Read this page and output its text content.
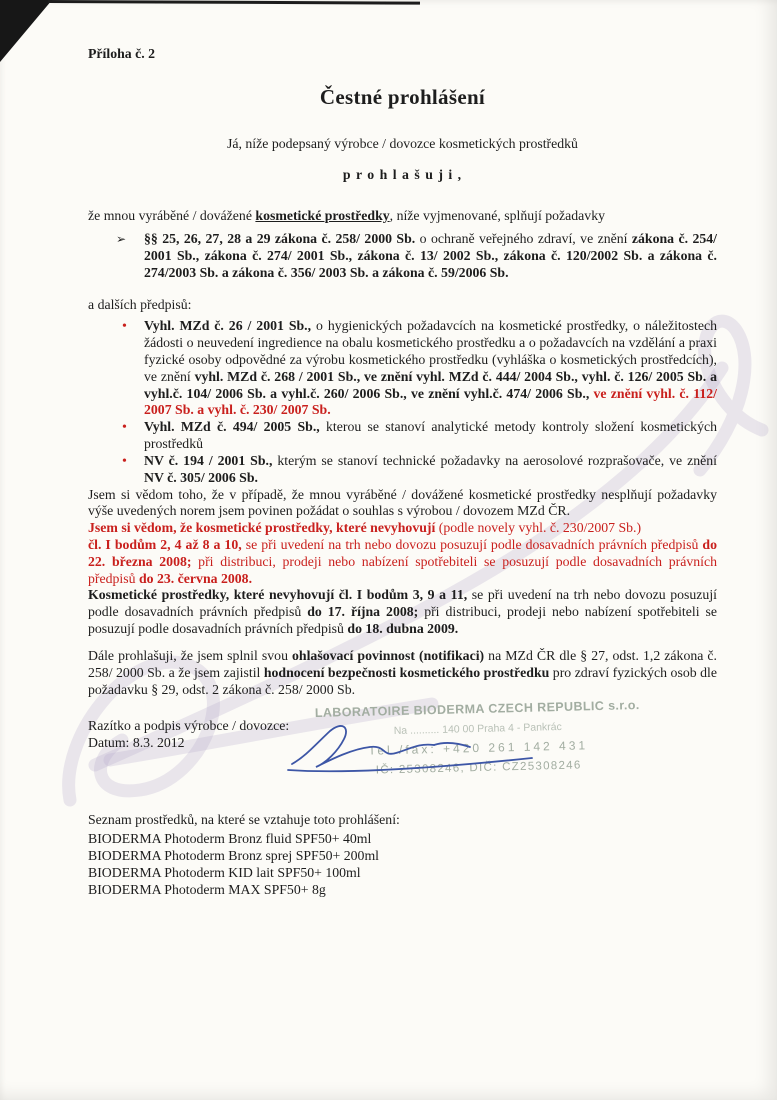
Příloha č. 2
Čestné prohlášení

Já, níže podepsaný výrobce / dovozce kosmetických prostředků

p r o h l a š u j i ,

že mnou vyráběné / dovážené kosmetické prostředky, níže vyjmenované, splňují požadavky

➢ §§ 25, 26, 27, 28 a 29 zákona č. 258/ 2000 Sb. o ochraně veřejného zdraví, ve znění zákona č. 254/ 2001 Sb., zákona č. 274/ 2001 Sb., zákona č. 13/ 2002 Sb., zákona č. 120/2002 Sb. a zákona č. 274/2003 Sb. a zákona č. 356/ 2003 Sb. a zákona č. 59/2006 Sb.

a dalších předpisů:

• Vyhl. MZd č. 26 / 2001 Sb., o hygienických požadavcích na kosmetické prostředky, o náležitostech žádosti o neuvedení ingredience na obalu kosmetického prostředku a o požadavcích na vzdělání a praxi fyzické osoby odpovědné za výrobu kosmetického prostředku (vyhláška o kosmetických prostředcích), ve znění vyhl. MZd č. 268 / 2001 Sb., ve znění vyhl. MZd č. 444/ 2004 Sb., vyhl. č. 126/ 2005 Sb. a vyhl.č. 104/ 2006 Sb. a vyhl.č. 260/ 2006 Sb., ve znění vyhl.č. 474/ 2006 Sb., ve znění vyhl. č. 112/ 2007 Sb. a vyhl. č. 230/ 2007 Sb.
• Vyhl. MZd č. 494/ 2005 Sb., kterou se stanoví analytické metody kontroly složení kosmetických prostředků
• NV č. 194 / 2001 Sb., kterým se stanoví technické požadavky na aerosolové rozprašovače, ve znění NV č. 305/ 2006 Sb.

Jsem si vědom toho, že v případě, že mnou vyráběné / dovážené kosmetické prostředky nesplňují požadavky výše uvedených norem jsem povinen požádat o souhlas s výrobou / dovozem MZd ČR.

Jsem si vědom, že kosmetické prostředky, které nevyhovují (podle novely vyhl. č. 230/2007 Sb.)

čl. I bodům 2, 4 až 8 a 10, se při uvedení na trh nebo dovozu posuzují podle dosavadních právních předpisů do 22. března 2008; při distribuci, prodeji nebo nabízení spotřebiteli se posuzují podle dosavadních právních předpisů do 23. června 2008.

Kosmetické prostředky, které nevyhovují čl. I bodům 3, 9 a 11, se při uvedení na trh nebo dovozu posuzují podle dosavadních právních předpisů do 17. října 2008; při distribuci, prodeji nebo nabízení spotřebiteli se posuzují podle dosavadních právních předpisů do 18. dubna 2009.

Dále prohlašuji, že jsem splnil svou ohlašovací povinnost (notifikaci) na MZd ČR dle § 27, odst. 1,2 zákona č. 258/ 2000 Sb. a že jsem zajistil hodnocení bezpečnosti kosmetického prostředku pro zdraví fyzických osob dle požadavku § 29, odst. 2 zákona č. 258/ 2000 Sb.

Razítko a podpis výrobce / dovozce:
Datum: 8.3. 2012
LABORATOIRE BIODERMA CZECH REPUBLIC s.r.o.
Na .......... 140 00 Praha 4 - Pankrác
Tel./fax: +420 261 142 431
IČ: 25308246, DIČ: CZ25308246

Seznam prostředků, na které se vztahuje toto prohlášení:

BIODERMA Photoderm Bronz fluid SPF50+ 40ml
BIODERMA Photoderm Bronz sprej SPF50+ 200ml
BIODERMA Photoderm KID lait SPF50+ 100ml
BIODERMA Photoderm MAX SPF50+ 8g
